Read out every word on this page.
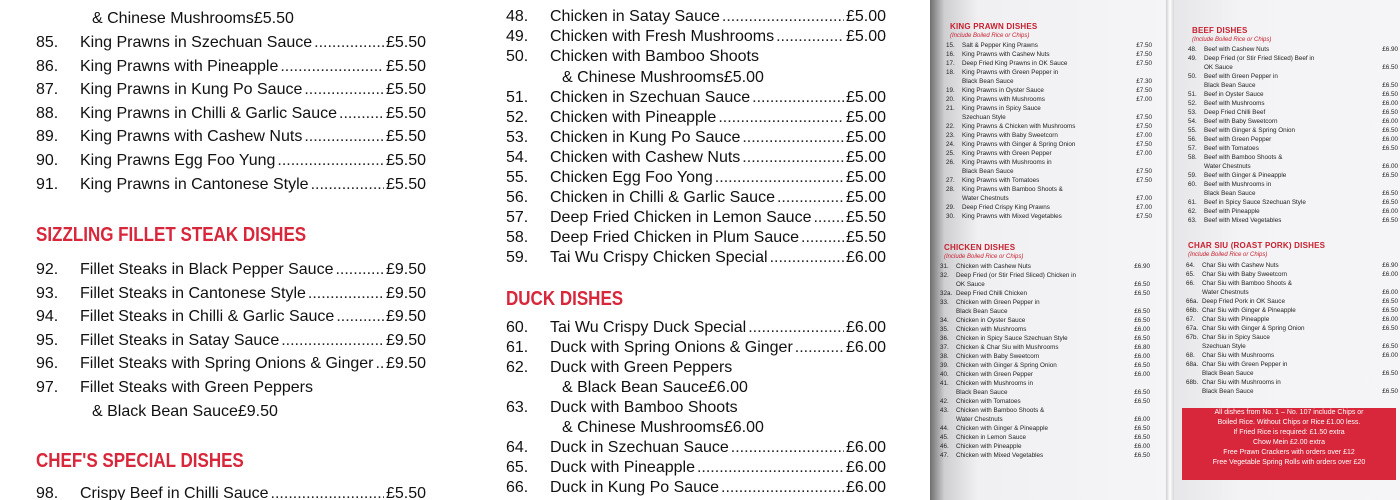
& Chinese Mushrooms £5.50
85.	King Prawns in Szechuan Sauce .....	£5.50
86.	King Prawns with Pineapple .....	£5.50
87.	King Prawns in Kung Po Sauce .....	£5.50
88.	King Prawns in Chilli & Garlic Sauce .....	£5.50
89.	King Prawns with Cashew Nuts .....	£5.50
90.	King Prawns Egg Foo Yung .....	£5.50
91.	King Prawns in Cantonese Style .....	£5.50
SIZZLING FILLET STEAK DISHES
92.	Fillet Steaks in Black Pepper Sauce .....	£9.50
93.	Fillet Steaks in Cantonese Style .....	£9.50
94.	Fillet Steaks in Chilli & Garlic Sauce .....	£9.50
95.	Fillet Steaks in Satay Sauce .....	£9.50
96.	Fillet Steaks with Spring Onions & Ginger ..... £9.50
97.	Fillet Steaks with Green Peppers
& Black Bean Sauce £9.50
CHEF'S SPECIAL DISHES
98.	Crispy Beef in Chilli Sauce .....	£5.50
48.	Chicken in Satay Sauce .....	£5.00
49.	Chicken with Fresh Mushrooms .....	£5.00
50.	Chicken with Bamboo Shoots
& Chinese Mushrooms £5.00
51.	Chicken in Szechuan Sauce .....	£5.00
52.	Chicken with Pineapple .....	£5.00
53.	Chicken in Kung Po Sauce .....	£5.00
54.	Chicken with Cashew Nuts .....	£5.00
55.	Chicken Egg Foo Yong .....	£5.00
56.	Chicken in Chilli & Garlic Sauce .....	£5.00
57.	Deep Fried Chicken in Lemon Sauce ..... £5.50
58.	Deep Fried Chicken in Plum Sauce .....	£5.50
59.	Tai Wu Crispy Chicken Special .....	£6.00
DUCK DISHES
60.	Tai Wu Crispy Duck Special .....	£6.00
61.	Duck with Spring Onions & Ginger .....	£6.00
62.	Duck with Green Peppers
& Black Bean Sauce £6.00
63.	Duck with Bamboo Shoots
& Chinese Mushrooms £6.00
64.	Duck in Szechuan Sauce .....	£6.00
65.	Duck with Pineapple .....	£6.00
66.	Duck in Kung Po Sauce .....	£6.00
KING PRAWN DISHES
(Include Boiled Rice or Chips)
15.	Salt & Pepper King Prawns	£7.50
16.	King Prawns with Cashew Nuts	£7.50
17.	Deep Fried King Prawns in OK Sauce	£7.50
18.	King Prawns with Green Pepper in
Black Bean Sauce	£7.30
19.	King Prawns in Oyster Sauce	£7.50
20.	King Prawns with Mushrooms	£7.00
21.	King Prawns in Spicy Sauce
Szechuan Style	£7.50
22.	King Prawns & Chicken with Mushrooms	£7.50
23.	King Prawns with Baby Sweetcorn	£7.00
24.	King Prawns with Ginger & Spring Onion	£7.50
25.	King Prawns with Green Pepper	£7.00
26.	King Prawns with Mushrooms in
Black Bean Sauce	£7.50
27.	King Prawns with Tomatoes	£7.50
28.	King Prawns with Bamboo Shoots &
Water Chestnuts	£7.00
29.	Deep Fried Crispy King Prawns	£7.00
30.	King Prawns with Mixed Vegetables	£7.50
CHICKEN DISHES
(Include Boiled Rice or Chips)
31.	Chicken with Cashew Nuts	£6.90
32.	Deep Fried (or Stir Fried Sliced) Chicken in
OK Sauce	£6.50
32a. Deep Fried Chilli Chicken	£6.50
33.	Chicken with Green Pepper in
Black Bean Sauce	£6.50
34.	Chicken in Oyster Sauce	£6.50
35.	Chicken with Mushrooms	£6.00
36.	Chicken in Spicy Sauce Szechuan Style	£6.50
37.	Chicken & Char Siu with Mushrooms	£6.80
38.	Chicken with Baby Sweetcorn	£6.00
39.	Chicken with Ginger & Spring Onion	£6.50
40.	Chicken with Green Pepper	£6.00
41.	Chicken with Mushrooms in
Black Bean Sauce	£6.50
42.	Chicken with Tomatoes	£6.50
43.	Chicken with Bamboo Shoots &
Water Chestnuts	£6.00
44.	Chicken with Ginger & Pineapple	£6.50
45.	Chicken in Lemon Sauce	£6.50
46.	Chicken with Pineapple	£6.00
47.	Chicken with Mixed Vegetables	£6.50
BEEF DISHES
(Include Boiled Rice or Chips)
48.	Beef with Cashew Nuts	£6.90
49.	Deep Fried (or Stir Fried Sliced) Beef in
OK Sauce	£6.50
50.	Beef with Green Pepper in
Black Bean Sauce	£6.50
51.	Beef in Oyster Sauce	£6.50
52.	Beef with Mushrooms	£6.00
53.	Deep Fried Chilli Beef	£6.50
54.	Beef with Baby Sweetcorn	£6.00
55.	Beef with Ginger & Spring Onion	£6.50
56.	Beef with Green Pepper	£6.00
57.	Beef with Tomatoes	£6.50
58.	Beef with Bamboo Shoots &
Water Chestnuts	£6.00
59.	Beef with Ginger & Pineapple	£6.50
60.	Beef with Mushrooms in
Black Bean Sauce	£6.50
61.	Beef in Spicy Sauce Szechuan Style	£6.50
62.	Beef with Pineapple	£6.00
63.	Beef with Mixed Vegetables	£6.50
CHAR SIU (ROAST PORK) DISHES
(Include Boiled Rice or Chips)
64.	Char Siu with Cashew Nuts	£6.90
65.	Char Siu with Baby Sweetcorn	£6.00
66.	Char Siu with Bamboo Shoots &
Water Chestnuts	£6.00
66a. Deep Fried Pork in OK Sauce	£6.50
66b. Char Siu with Ginger & Pineapple	£6.50
67.	Char Siu with Pineapple	£6.00
67a. Char Siu with Ginger & Spring Onion	£6.50
67b. Char Siu in Spicy Sauce
Szechuan Style	£6.50
68.	Char Siu with Mushrooms	£6.00
68a. Char Siu with Green Pepper in
Black Bean Sauce	£6.50
68b. Char Siu with Mushrooms in
Black Bean Sauce	£6.50
All dishes from No. 1 – No. 107 include Chips or
Boiled Rice. Without Chips or Rice £1.00 less.
If Fried Rice is required: £1.50 extra
Chow Mein £2.00 extra
Free Prawn Crackers with orders over £12
Free Vegetable Spring Rolls with orders over £20
